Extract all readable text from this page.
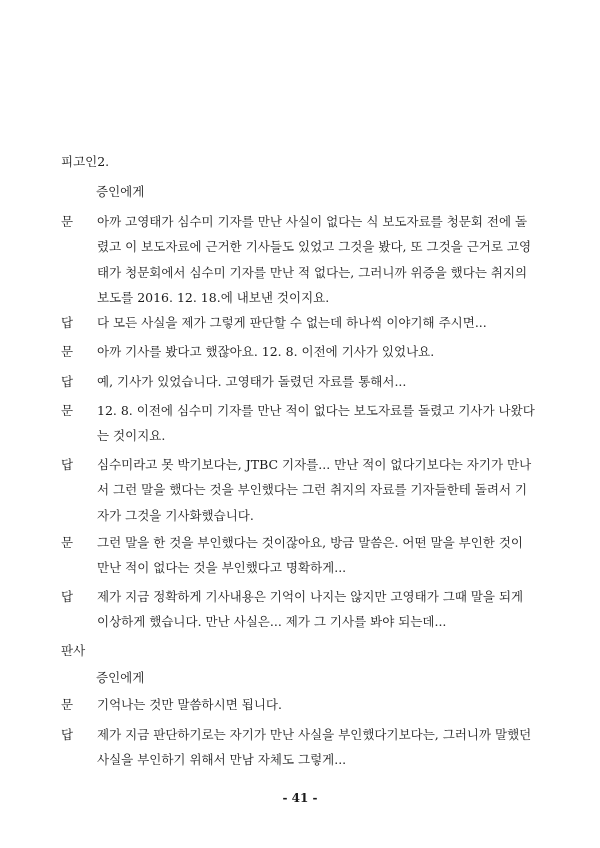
피고인2.
증인에게
문 아까 고영태가 심수미 기자를 만난 사실이 없다는 식 보도자료를 청문회 전에 돌
렸고 이 보도자료에 근거한 기사들도 있었고 그것을 봤다, 또 그것을 근거로 고영
태가 청문회에서 심수미 기자를 만난 적 없다는, 그러니까 위증을 했다는 취지의
보도를 2016. 12. 18.에 내보낸 것이지요.
답 다 모든 사실을 제가 그렇게 판단할 수 없는데 하나씩 이야기해 주시면...
문 아까 기사를 봤다고 했잖아요. 12. 8. 이전에 기사가 있었나요.
답 예, 기사가 있었습니다. 고영태가 돌렸던 자료를 통해서...
문 12. 8. 이전에 심수미 기자를 만난 적이 없다는 보도자료를 돌렸고 기사가 나왔다
는 것이지요.
답 심수미라고 못 박기보다는, JTBC 기자를... 만난 적이 없다기보다는 자기가 만나
서 그런 말을 했다는 것을 부인했다는 그런 취지의 자료를 기자들한테 돌려서 기
자가 그것을 기사화했습니다.
문 그런 말을 한 것을 부인했다는 것이잖아요, 방금 말씀은. 어떤 말을 부인한 것이
만난 적이 없다는 것을 부인했다고 명확하게...
답 제가 지금 정확하게 기사내용은 기억이 나지는 않지만 고영태가 그때 말을 되게
이상하게 했습니다. 만난 사실은... 제가 그 기사를 봐야 되는데...
판사
증인에게
문 기억나는 것만 말씀하시면 됩니다.
답 제가 지금 판단하기로는 자기가 만난 사실을 부인했다기보다는, 그러니까 말했던
사실을 부인하기 위해서 만남 자체도 그렇게...
- 41 -
